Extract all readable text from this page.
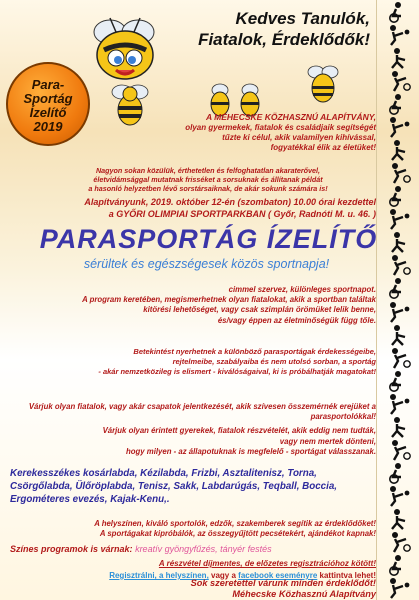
Kedves Tanulók,
Fiatalok, Érdeklődők!

Para-
Sportág
Ízelítő
2019

A MÉHECSKE KÖZHASZNÚ ALAPÍTVÁNY,
olyan gyermekek, fiatalok és családjaik segítségét
tűzte ki célul, akik valamilyen kihívással,
fogyatékkal élik az életüket!

Nagyon sokan közülük, érthetetlen és felfoghatatlan akaraterővel,
életvidámsággal mutatnak frisséket a sorsuknak és állítanak példát
a hasonló helyzetben lévő sorstársaiknak, de akár sokunk számára is!

Alapítványunk, 2019. október 12-én (szombaton) 10.00 órai kezdettel
a GYŐRI OLIMPIAI SPORTPARKBAN ( Győr, Radnóti M. u. 46. )

PARASPORTÁG ÍZELÍTŐ

sérültek és egészségesek közös sportnapja!

cimmel szervez, különleges sportnapot.
A program keretében, megismerhetnek olyan fiatalokat, akik a sportban találtak
kitörési lehetőséget, vagy csak szimplán örömüket lelik benne,
és/vagy éppen az életminőségük függ tőle.

Betekintést nyerhetnek a különböző parasportágak érdekességeibe,
rejtelmeibe, szabályaiba és nem utolsó sorban, a sportág
- akár nemzetközileg is elismert - kiválóságaival, ki is próbálhatják magatokat!

Várjuk olyan fiatalok, vagy akár csapatok jelentkezését, akik szívesen összemérnék erejüket a parasportolókkal!
Várjuk olyan érintett gyerekek, fiatalok részvételét, akik eddig nem tudták,
vagy nem mertek dönteni,
hogy milyen - az állapotuknak is megfelelő - sportágat válasszanak.

Kerekesszékes kosárlabda, Kézilabda, Frizbi, Asztalitenisz, Torna, Csörgőlabda, Ülőröplabda, Tenisz, Sakk, Labdarúgás, Teqball, Boccia, Ergométeres evezés, Kajak-Kenu,.

A helyszínen, kiváló sportolók, edzők, szakemberek segítik az érdeklődőket!
A sportágakat kipróbálók, az összegyűjtött pecsétekért, ajándékot kapnak!

Színes programok is várnak: kreatív gyöngyfűzés, tányér festés

A részvétel díjmentes, de előzetes regisztrációhoz kötött!

Regisztrálni, a helyszínen, vagy a facebook eseményre kattintva lehet!

Sok szeretettel várunk minden érdeklődőt!
Méhecske Közhasznú Alapítvány
